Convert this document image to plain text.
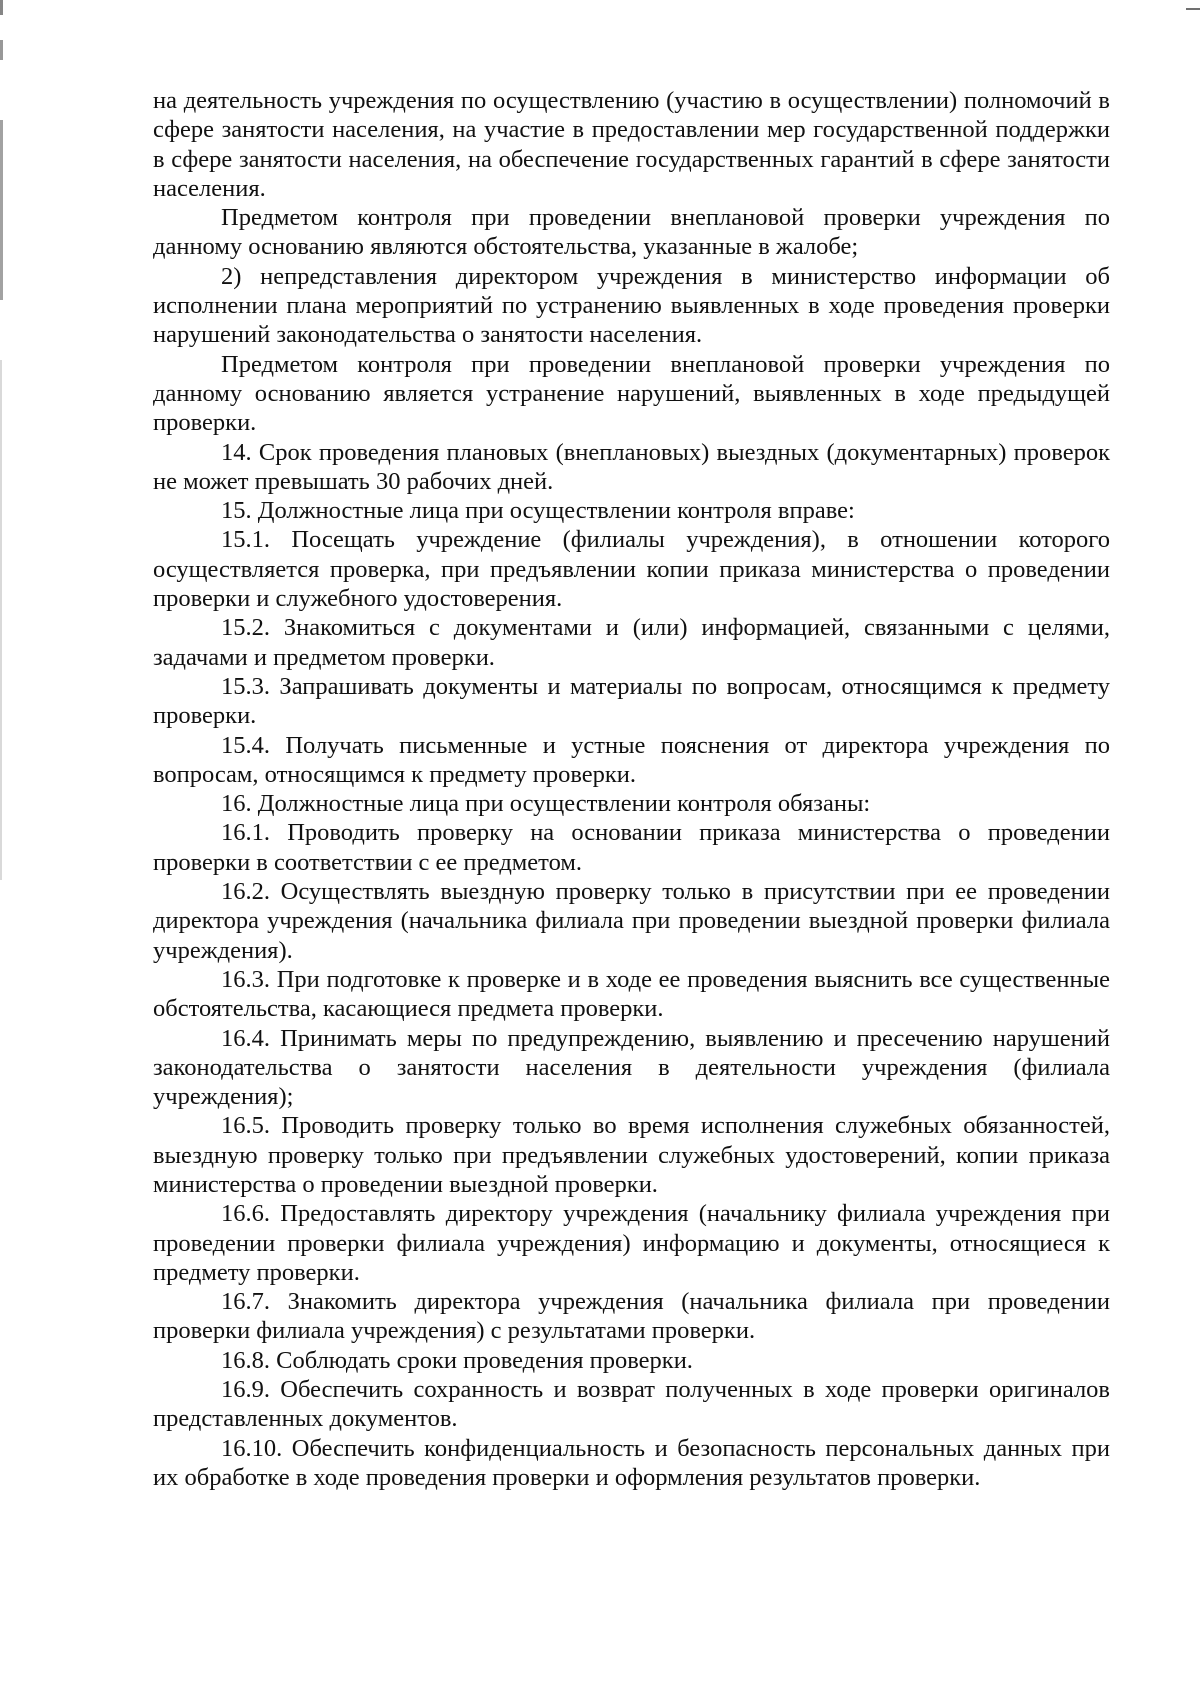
на деятельность учреждения по осуществлению (участию в осуществлении) полномочий в сфере занятости населения, на участие в предоставлении мер государственной поддержки в сфере занятости населения, на обеспечение государственных гарантий в сфере занятости населения.

Предметом контроля при проведении внеплановой проверки учреждения по данному основанию являются обстоятельства, указанные в жалобе;

2) непредставления директором учреждения в министерство информации об исполнении плана мероприятий по устранению выявленных в ходе проведения проверки нарушений законодательства о занятости населения.

Предметом контроля при проведении внеплановой проверки учреждения по данному основанию является устранение нарушений, выявленных в ходе предыдущей проверки.

14. Срок проведения плановых (внеплановых) выездных (документарных) проверок не может превышать 30 рабочих дней.

15. Должностные лица при осуществлении контроля вправе:

15.1. Посещать учреждение (филиалы учреждения), в отношении которого осуществляется проверка, при предъявлении копии приказа министерства о проведении проверки и служебного удостоверения.

15.2. Знакомиться с документами и (или) информацией, связанными с целями, задачами и предметом проверки.

15.3. Запрашивать документы и материалы по вопросам, относящимся к предмету проверки.

15.4. Получать письменные и устные пояснения от директора учреждения по вопросам, относящимся к предмету проверки.

16. Должностные лица при осуществлении контроля обязаны:

16.1. Проводить проверку на основании приказа министерства о проведении проверки в соответствии с ее предметом.

16.2. Осуществлять выездную проверку только в присутствии при ее проведении директора учреждения (начальника филиала при проведении выездной проверки филиала учреждения).

16.3. При подготовке к проверке и в ходе ее проведения выяснить все существенные обстоятельства, касающиеся предмета проверки.

16.4. Принимать меры по предупреждению, выявлению и пресечению нарушений законодательства о занятости населения в деятельности учреждения (филиала учреждения);

16.5. Проводить проверку только во время исполнения служебных обязанностей, выездную проверку только при предъявлении служебных удостоверений, копии приказа министерства о проведении выездной проверки.

16.6. Предоставлять директору учреждения (начальнику филиала учреждения при проведении проверки филиала учреждения) информацию и документы, относящиеся к предмету проверки.

16.7. Знакомить директора учреждения (начальника филиала при проведении проверки филиала учреждения) с результатами проверки.

16.8. Соблюдать сроки проведения проверки.

16.9. Обеспечить сохранность и возврат полученных в ходе проверки оригиналов представленных документов.

16.10. Обеспечить конфиденциальность и безопасность персональных данных при их обработке в ходе проведения проверки и оформления результатов проверки.
